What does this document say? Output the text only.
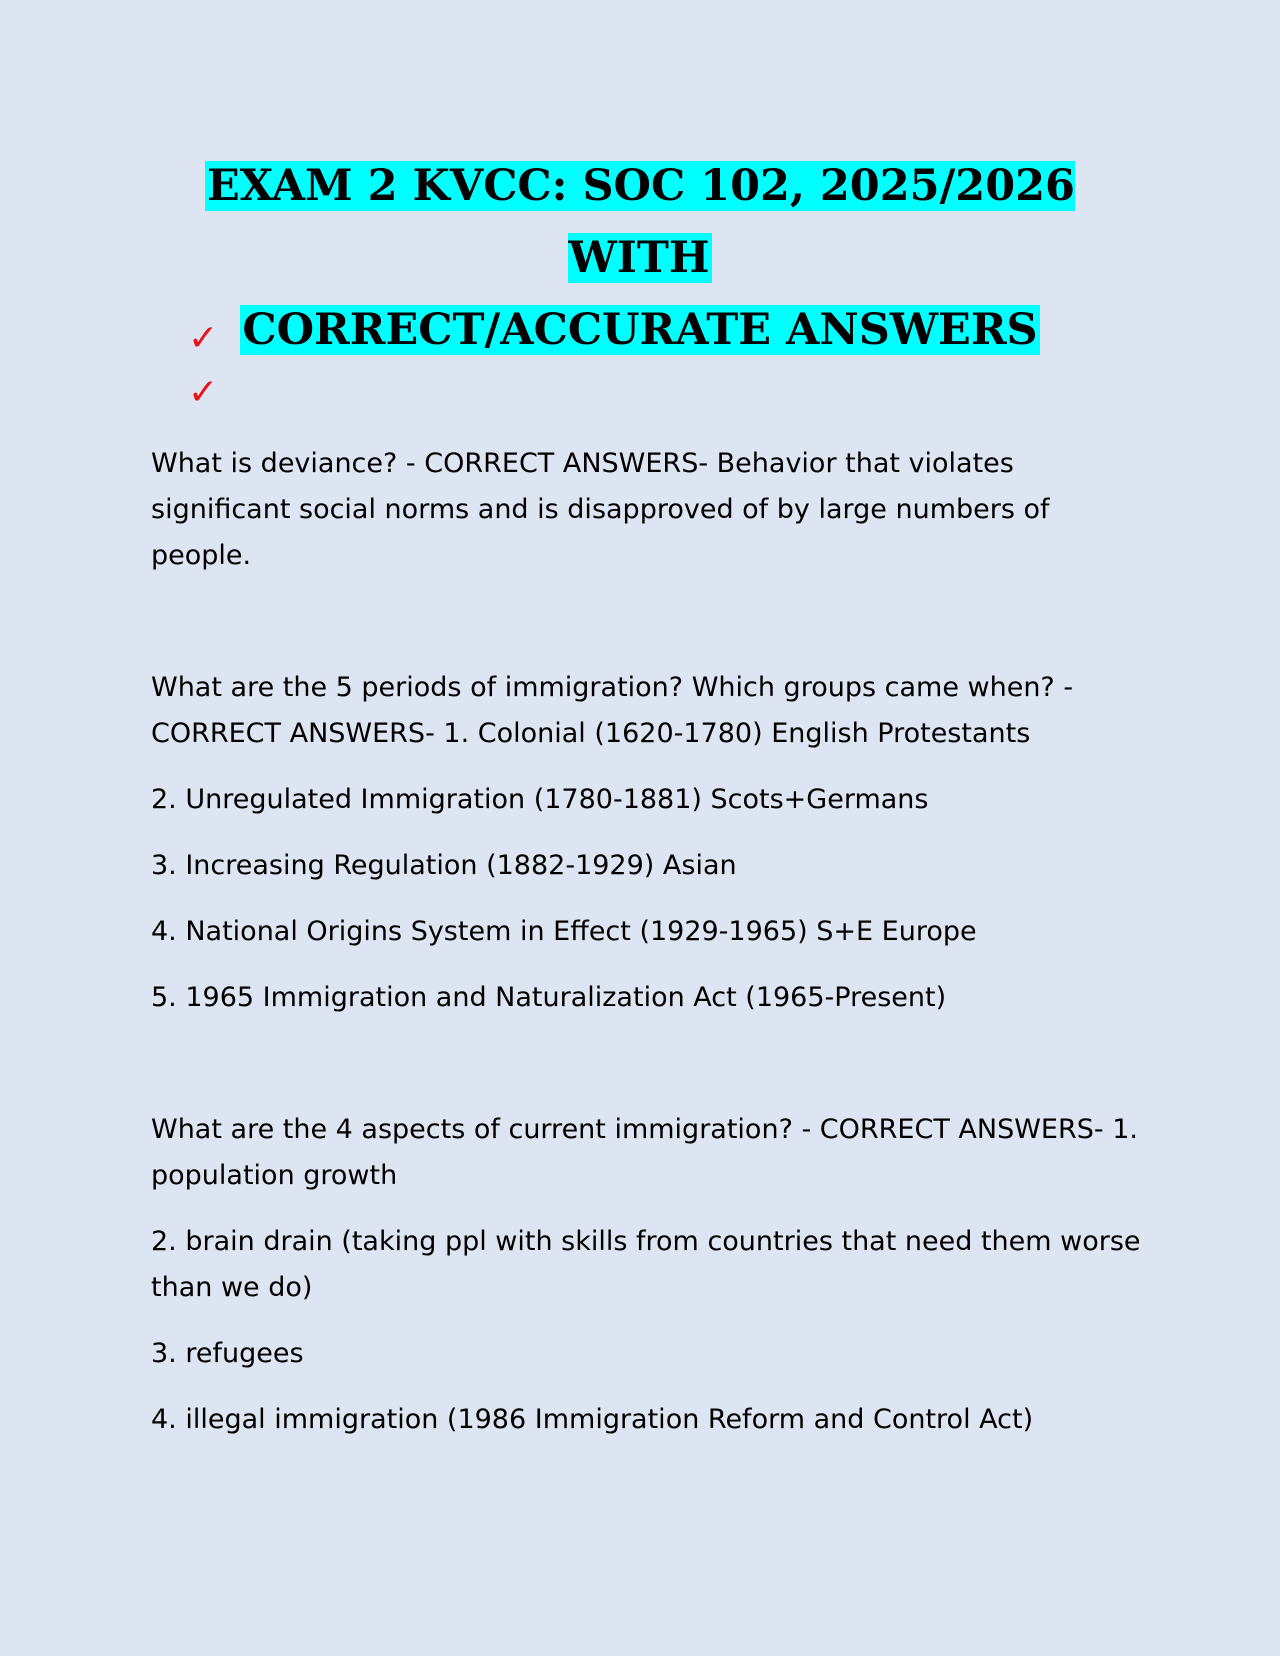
EXAM 2 KVCC: SOC 102, 2025/2026 WITH
CORRECT/ACCURATE ANSWERS
✓
✓

What is deviance? - CORRECT ANSWERS- Behavior that violates significant social norms and is disapproved of by large numbers of people.

What are the 5 periods of immigration? Which groups came when? - CORRECT ANSWERS- 1. Colonial (1620-1780) English Protestants

2. Unregulated Immigration (1780-1881) Scots+Germans

3. Increasing Regulation (1882-1929) Asian

4. National Origins System in Effect (1929-1965) S+E Europe

5. 1965 Immigration and Naturalization Act (1965-Present)

What are the 4 aspects of current immigration? - CORRECT ANSWERS- 1. population growth

2. brain drain (taking ppl with skills from countries that need them worse than we do)

3. refugees

4. illegal immigration (1986 Immigration Reform and Control Act)
